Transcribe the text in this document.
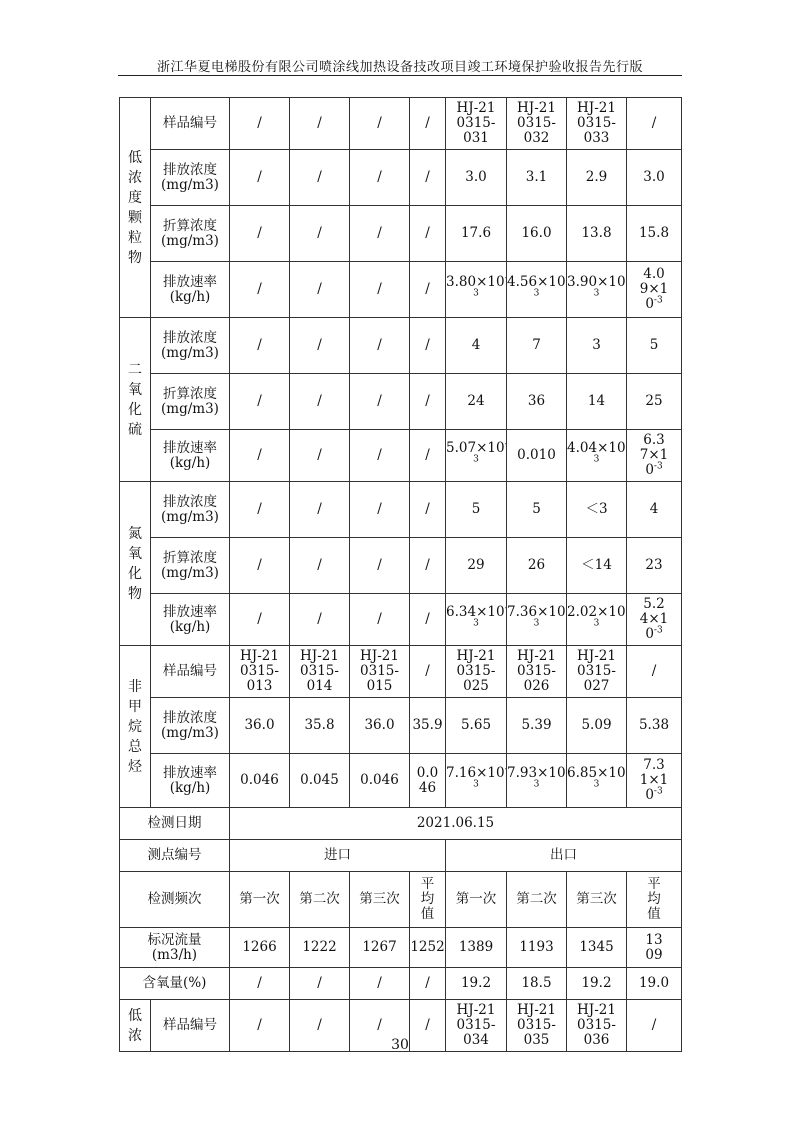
浙江华夏电梯股份有限公司喷涂线加热设备技改项目竣工环境保护验收报告先行版
低浓度颗粒物	样品编号	/	/	/	/	HJ-210315-031	HJ-210315-032	HJ-210315-033	/
	排放浓度
(mg/m3)	/	/	/	/	3.0	3.1	2.9	3.0
	折算浓度
(mg/m3)	/	/	/	/	17.6	16.0	13.8	15.8
	排放速率
(kg/h)	/	/	/	/	3.80×10 $^3$	4.56×10 $^3$	3.90×10 $^3$	$4.09\times 10^{-3}$
二氧化硫	排放浓度
(mg/m3)	/	/	/	/	4	7	3	5
	折算浓度
(mg/m3)	/	/	/	/	24	36	14	25
	排放速率
(kg/h)	/	/	/	/	5.07×10 $^3$	0.010	4.04×10 $^3$	$6.37\times 10^{-3}$
氮氧化物	排放浓度
(mg/m3)	/	/	/	/	5	5	＜3	4
	折算浓度
(mg/m3)	/	/	/	/	29	26	＜14	23
	排放速率
(kg/h)	/	/	/	/	6.34×10 $^3$	7.36×10 $^3$	2.02×10 $^3$	$5.24\times 10^{-3}$
非甲烷总烃	样品编号	HJ-210315-013	HJ-210315-014	HJ-210315-015	/	HJ-210315-025	HJ-210315-026	HJ-210315-027	/
	排放浓度
(mg/m3)	36.0	35.8	36.0	35.9	5.65	5.39	5.09	5.38
	排放速率
(kg/h)	0.046	0.045	0.046	0.046	7.16×10 $^3$	7.93×10 $^3$	6.85×10 $^3$	$7.31\times 10^{-3}$
检测日期		2021.06.15							
测点编号		进口				出口			
检测频次		第一次	第二次	第三次	平均值	第一次	第二次	第三次	平均值
标况流量
(m3/h)		1266	1222	1267	1252	1389	1193	1345	1309
含氧量(%)		/	/	/	/	19.2	18.5	19.2	19.0
低浓	样品编号	/	/	/	/	HJ-210315-034	HJ-210315-035	HJ-210315-036	/
30
